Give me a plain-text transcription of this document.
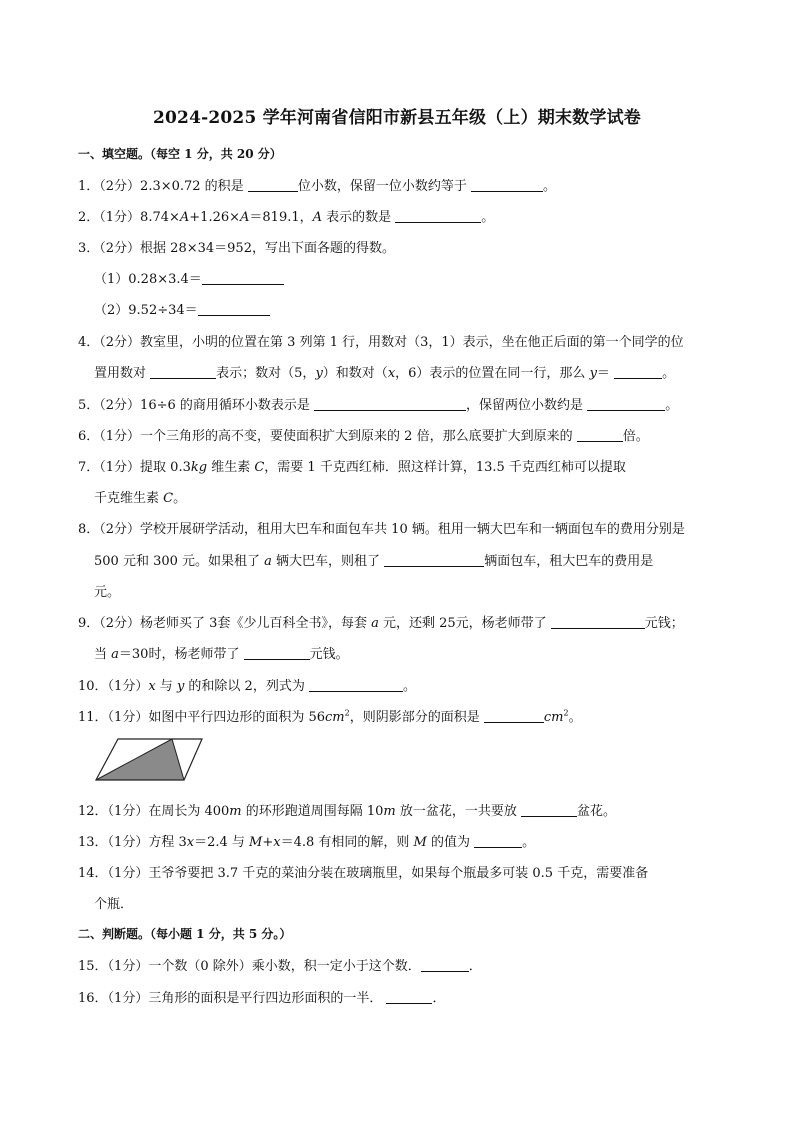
2024-2025 学年河南省信阳市新县五年级（上）期末数学试卷
一、填空题。（每空 1 分，共 20 分）
1．（2分）2.3×0.72 的积是	位小数，保留一位小数约等于	。
2．（1分）8.74×A+1.26×A＝819.1，A 表示的数是	。
3．（2分）根据 28×34＝952，写出下面各题的得数。
（1）0.28×3.4＝
（2）9.52÷34＝
4．（2分）教室里，小明的位置在第 3 列第 1 行，用数对（3，1）表示，坐在他正后面的第一个同学的位
置用数对	表示；数对（5，y）和数对（x，6）表示的位置在同一行，那么 y＝	。
5．（2分）16÷6 的商用循环小数表示是	，保留两位小数约是	。
6．（1分）一个三角形的高不变，要使面积扩大到原来的 2 倍，那么底要扩大到原来的	倍。
7．（1分）提取 0.3kg 维生素 C，需要 1 千克西红柿．照这样计算，13.5 千克西红柿可以提取
千克维生素 C。
8．（2分）学校开展研学活动，租用大巴车和面包车共 10 辆。租用一辆大巴车和一辆面包车的费用分别是
500 元和 300 元。如果租了 a 辆大巴车，则租了	辆面包车，租大巴车的费用是
元。
9．（2分）杨老师买了 3套《少儿百科全书》，每套 a 元，还剩 25元，杨老师带了	元钱；
当 a＝30时，杨老师带了	元钱。
10．（1分）x 与 y 的和除以 2，列式为	。
11．（1分）如图中平行四边形的面积为 $56cm^2$，则阴影部分的面积是	$cm^2$。
12．（1分）在周长为 400m 的环形跑道周围每隔 10m 放一盆花，一共要放	盆花。
13．（1分）方程 3x＝2.4 与 M+x＝4.8 有相同的解，则 M 的值为	。
14．（1分）王爷爷要把 3.7 千克的菜油分装在玻璃瓶里，如果每个瓶最多可装 0.5 千克，需要准备
个瓶．
二、判断题。（每小题 1 分，共 5 分。）
15．（1分）一个数（0 除外）乘小数，积一定小于这个数．	．
16．（1分）三角形的面积是平行四边形面积的一半．	．
